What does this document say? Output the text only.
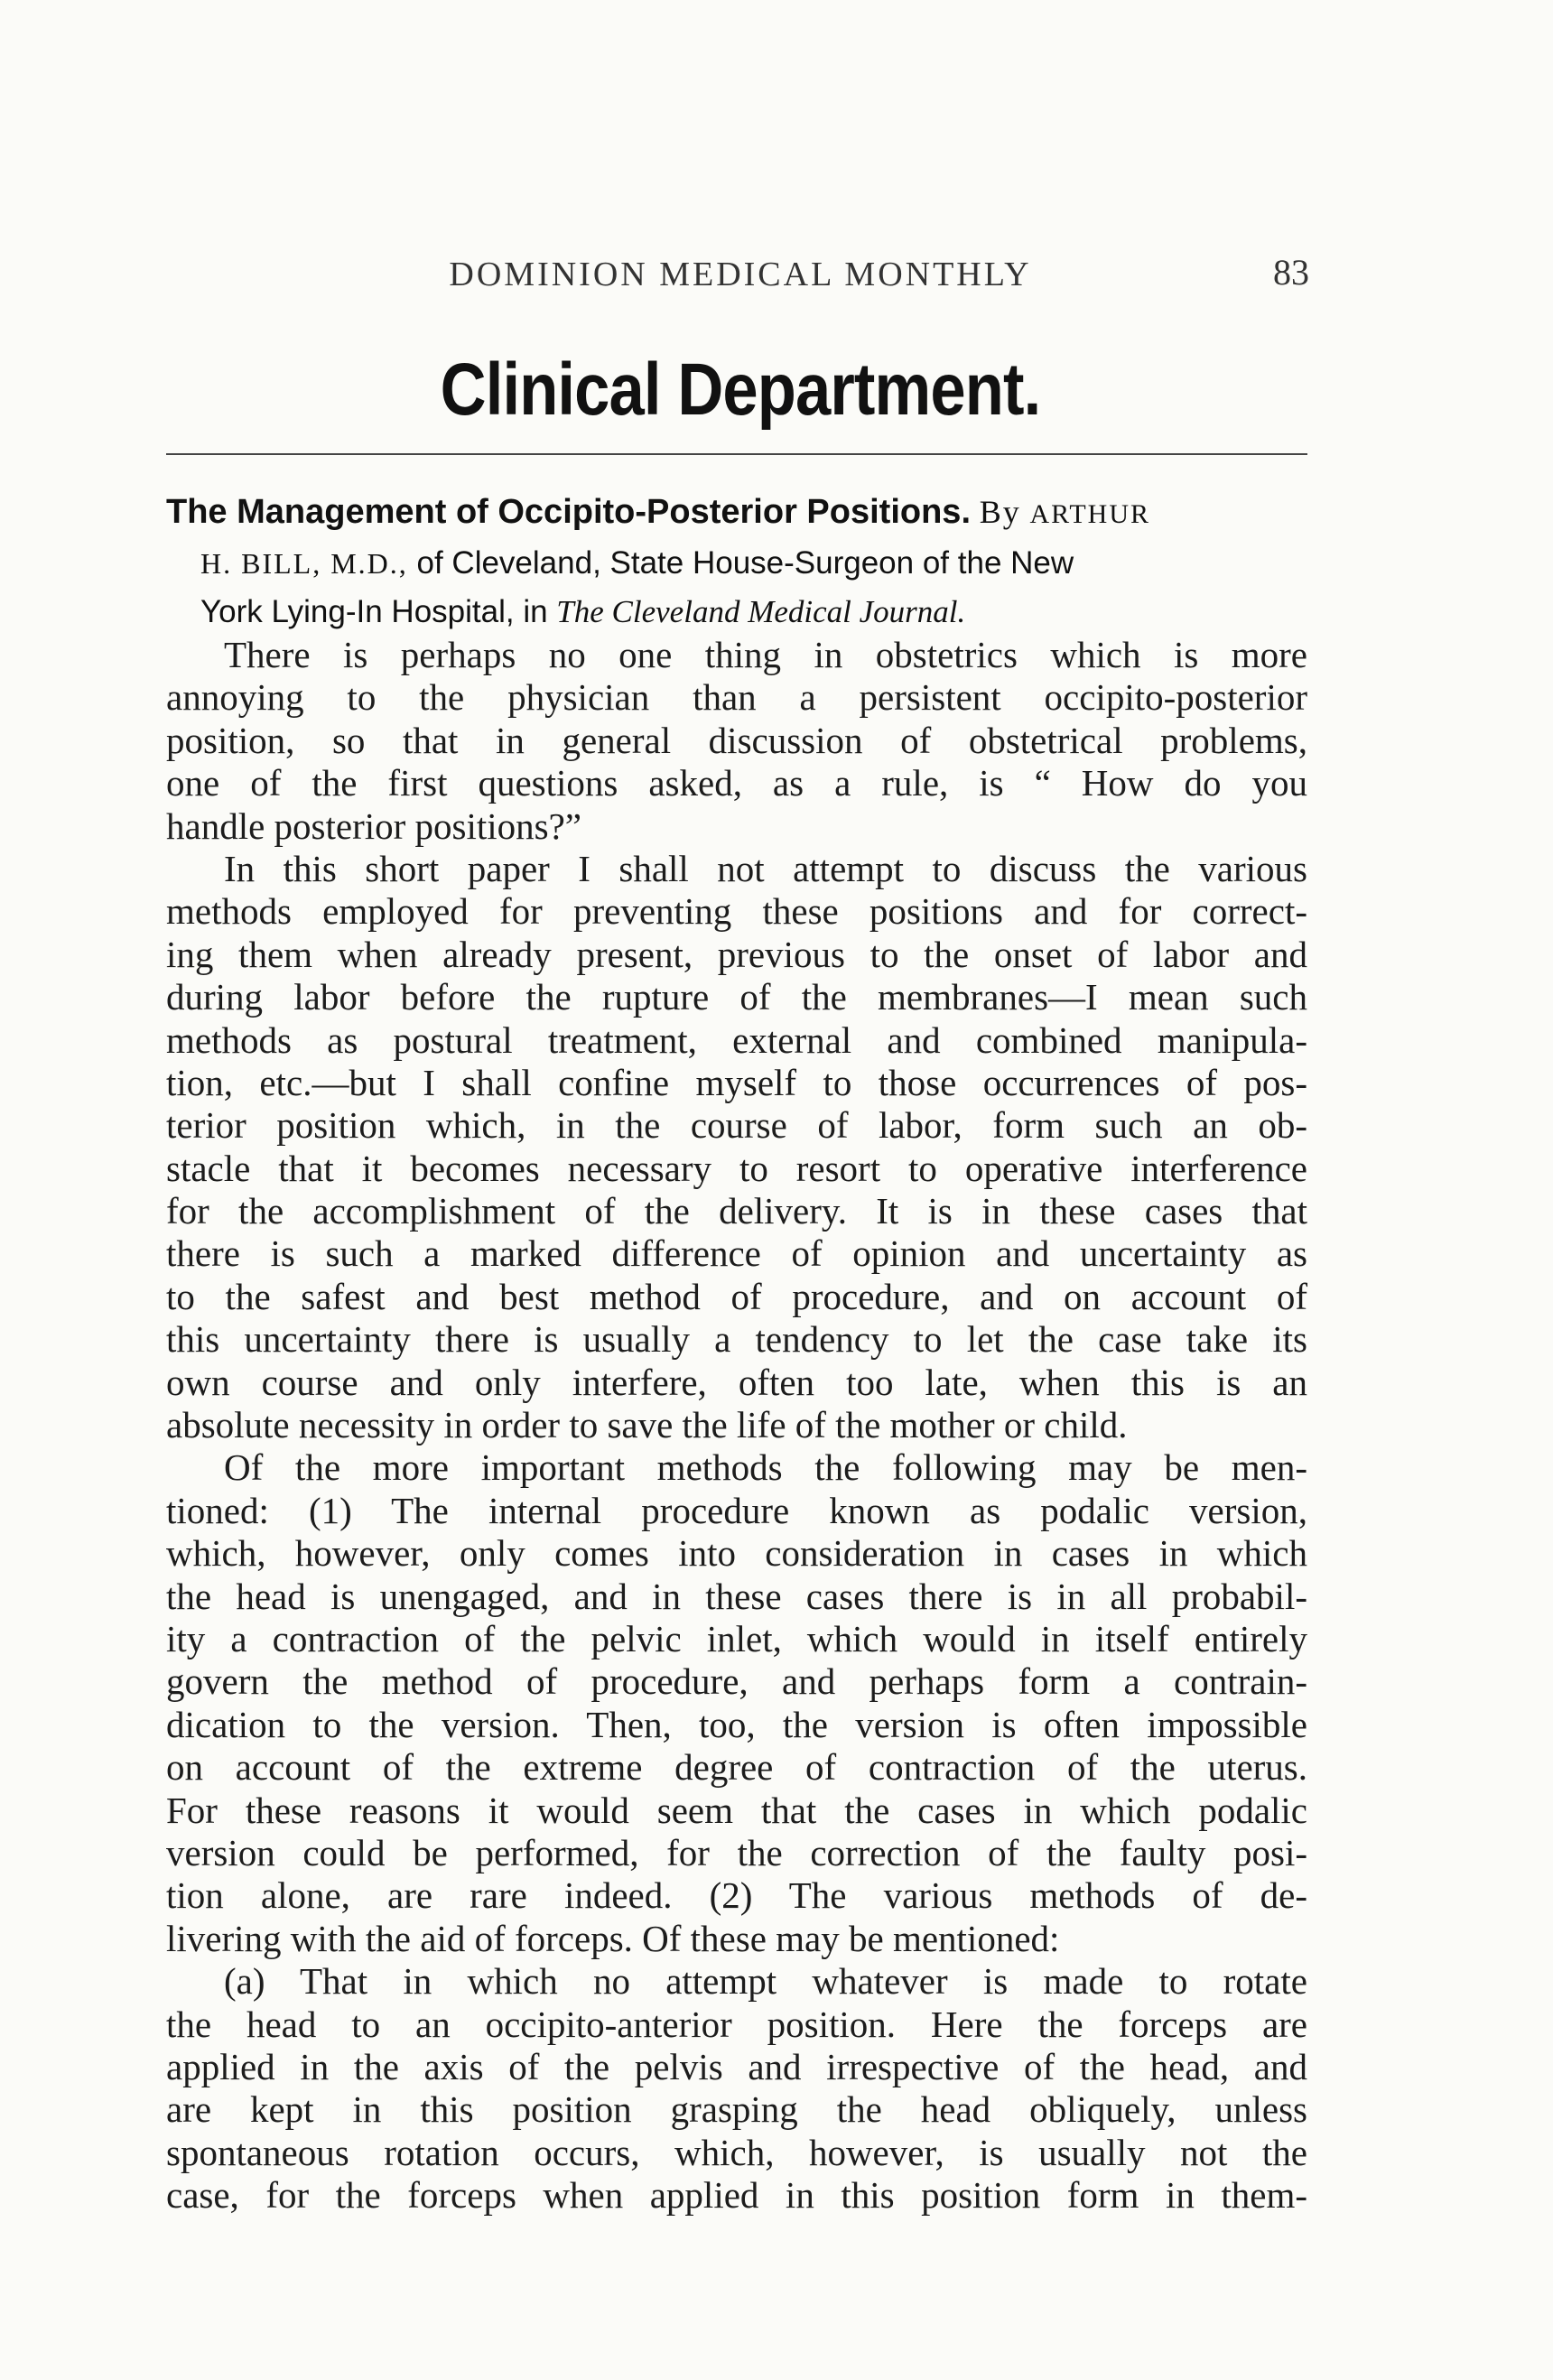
DOMINION MEDICAL MONTHLY	83
Clinical Department.
The Management of Occipito-Posterior Positions. By ARTHUR
H. BILL, M.D., of Cleveland, State House-Surgeon of the New
York Lying-In Hospital, in The Cleveland Medical Journal.
There is perhaps no one thing in obstetrics which is more
annoying to the physician than a persistent occipito-posterior
position, so that in general discussion of obstetrical problems,
one of the first questions asked, as a rule, is “ How do you
handle posterior positions?”
In this short paper I shall not attempt to discuss the various
methods employed for preventing these positions and for correct-
ing them when already present, previous to the onset of labor and
during labor before the rupture of the membranes—I mean such
methods as postural treatment, external and combined manipula-
tion, etc.—but I shall confine myself to those occurrences of pos-
terior position which, in the course of labor, form such an ob-
stacle that it becomes necessary to resort to operative interference
for the accomplishment of the delivery. It is in these cases that
there is such a marked difference of opinion and uncertainty as
to the safest and best method of procedure, and on account of
this uncertainty there is usually a tendency to let the case take its
own course and only interfere, often too late, when this is an
absolute necessity in order to save the life of the mother or child.
Of the more important methods the following may be men-
tioned: (1) The internal procedure known as podalic version,
which, however, only comes into consideration in cases in which
the head is unengaged, and in these cases there is in all probabil-
ity a contraction of the pelvic inlet, which would in itself entirely
govern the method of procedure, and perhaps form a contrain-
dication to the version. Then, too, the version is often impossible
on account of the extreme degree of contraction of the uterus.
For these reasons it would seem that the cases in which podalic
version could be performed, for the correction of the faulty posi-
tion alone, are rare indeed. (2) The various methods of de-
livering with the aid of forceps. Of these may be mentioned:
(a) That in which no attempt whatever is made to rotate
the head to an occipito-anterior position. Here the forceps are
applied in the axis of the pelvis and irrespective of the head, and
are kept in this position grasping the head obliquely, unless
spontaneous rotation occurs, which, however, is usually not the
case, for the forceps when applied in this position form in them-
